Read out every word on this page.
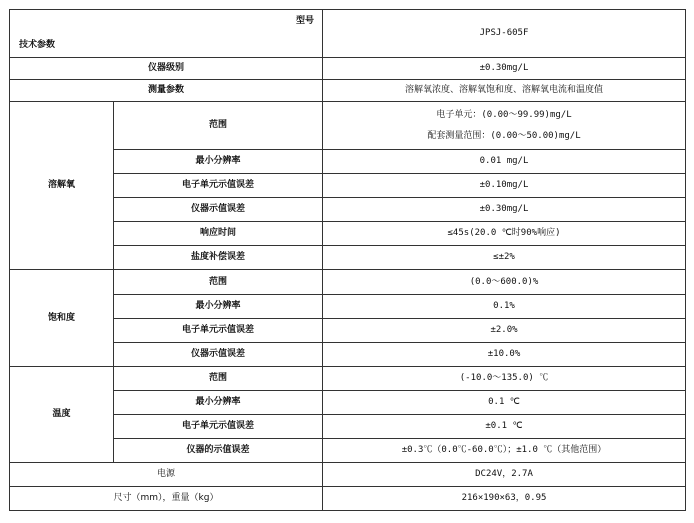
型号
技术参数		JPSJ-605F
仪器级别		±0.30mg/L
测量参数		溶解氧浓度、溶解氧饱和度、溶解氧电流和温度值
溶解氧	范围	电子单元：(0.00～99.99)mg/L
配套测量范围：(0.00～50.00)mg/L

	最小分辨率	0.01 mg/L
	电子单元示值误差	±0.10mg/L
	仪器示值误差	±0.30mg/L
	响应时间	≤45s(20.0 ℃时90%响应)
	盐度补偿误差	≤±2%
饱和度	范围	(0.0～600.0)%
	最小分辨率	0.1%
	电子单元示值误差	±2.0%
	仪器示值误差	±10.0%
温度	范围	(-10.0～135.0) ℃
	最小分辨率	0.1 ℃
	电子单元示值误差	±0.1 ℃
	仪器的示值误差	±0.3℃（0.0℃-60.0℃）；±1.0 ℃（其他范围）
电源		DC24V，2.7A
尺寸（mm），重量（kg）		216×190×63，0.95
